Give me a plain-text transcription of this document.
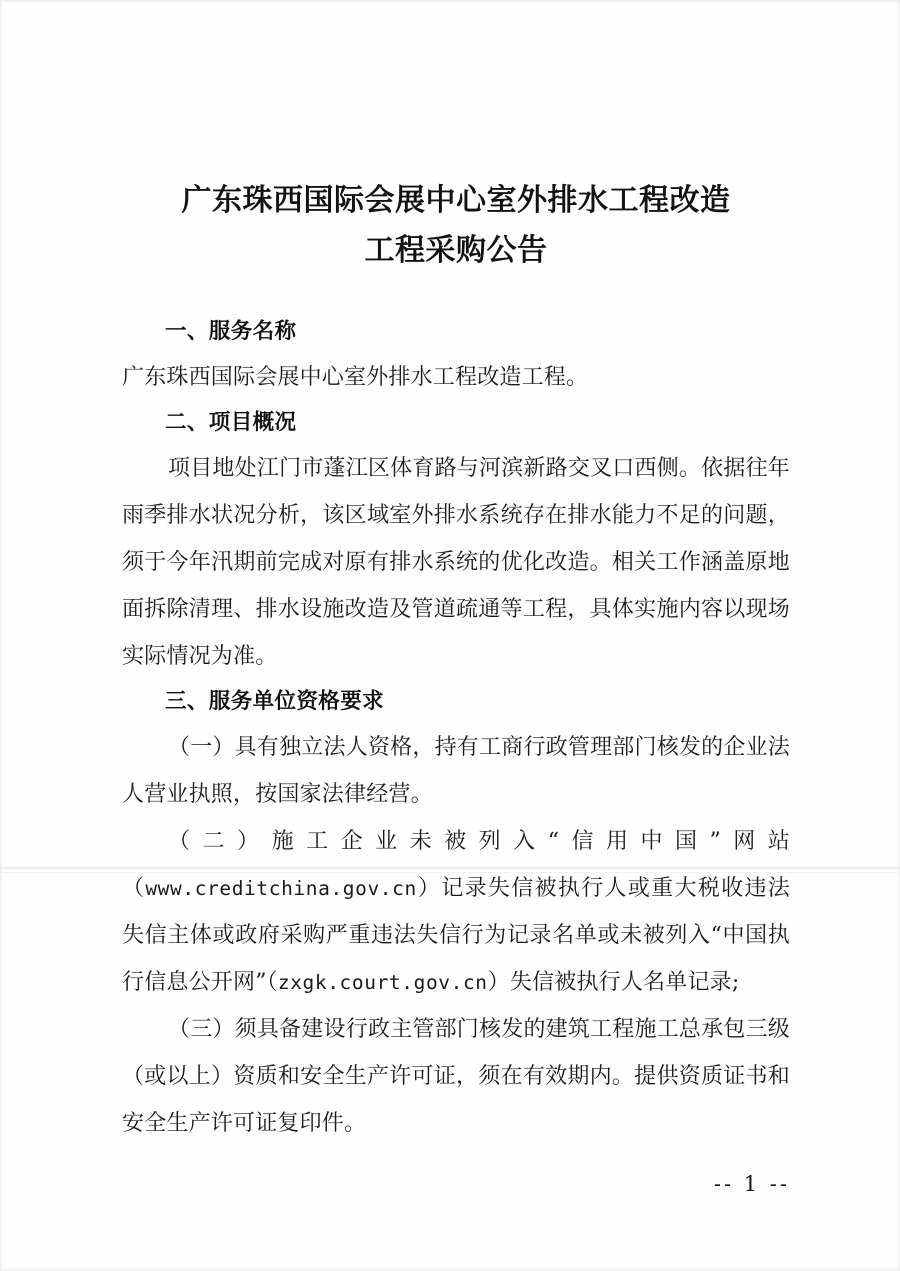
广东珠西国际会展中心室外排水工程改造
工程采购公告
一、服务名称

广东珠西国际会展中心室外排水工程改造工程。

二、项目概况

项目地处江门市蓬江区体育路与河滨新路交叉口西侧。依据往年雨季排水状况分析，该区域室外排水系统存在排水能力不足的问题，须于今年汛期前完成对原有排水系统的优化改造。相关工作涵盖原地面拆除清理、排水设施改造及管道疏通等工程，具体实施内容以现场实际情况为准。

三、服务单位资格要求

（一）具有独立法人资格，持有工商行政管理部门核发的企业法人营业执照，按国家法律经营。

（二）施工企业未被列入“信用中国”网站（www.creditchina.gov.cn）记录失信被执行人或重大税收违法失信主体或政府采购严重违法失信行为记录名单或未被列入“中国执行信息公开网”（zxgk.court.gov.cn）失信被执行人名单记录;

（三）须具备建设行政主管部门核发的建筑工程施工总承包三级（或以上）资质和安全生产许可证，须在有效期内。提供资质证书和安全生产许可证复印件。

-- 1 --
